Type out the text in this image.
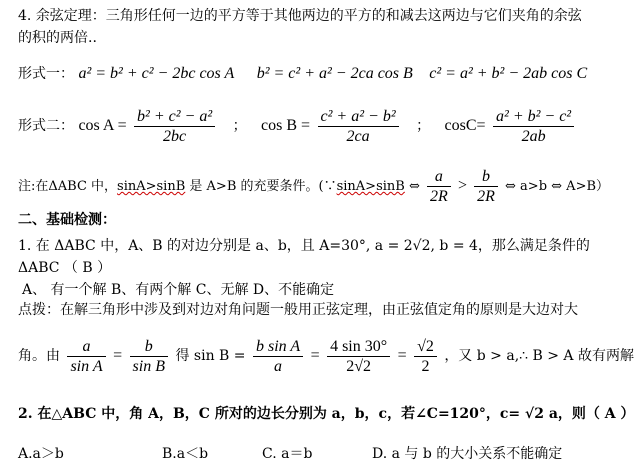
4. 余弦定理：三角形任何一边的平方等于其他两边的平方的和减去这两边与它们夹角的余弦
的积的两倍..
形式一： a² = b² + c² − 2bc cos A b² = c² + a² − 2ca cos B c² = a² + b² − 2ab cos C
形式二： $\cos A = \frac{\text{b² + c² − a²}}{2bc}$ ； $\cos B = \frac{\text{c² + a² − b²}}{2ca}$ ； $\cos C= \frac{\text{a² + b² − c²}}{2ab}$
注:在ΔABC 中，sinA>sinB 是 A>B 的充要条件。(∵sinA>sinB ⇔ $\frac{a}{2R} > \frac{b}{2R}$ ⇔ a>b ⇔ A>B）
二、基础检测：
1. 在 ΔABC 中，A、B 的对边分别是 a、b，且 A=30°, a = 2√2, b = 4，那么满足条件的
ΔABC （ B ）
A、 有一个解 B、有两个解 C、无解 D、不能确定
点拨：在解三角形中涉及到对边对角问题一般用正弦定理，由正弦值定角的原则是大边对大
角。由 $\frac{a}{\text{sin A}} = \frac{b}{\text{sin B}}$ 得 $\sin B = \frac{\text{b sin A}}{a} = \frac{4 \sin 30^\circ}{2√2} = \frac{√2}{2}$ ，又 b > a,∴ B > A 故有两解
2. 在△ABC 中，角 A，B，C 所对的边长分别为 a，b，c，若∠C=120°，c= √2 a，则（ A ）
A.a＞b	B.a＜b	C. a＝b	D. a 与 b 的大小关系不能确定
